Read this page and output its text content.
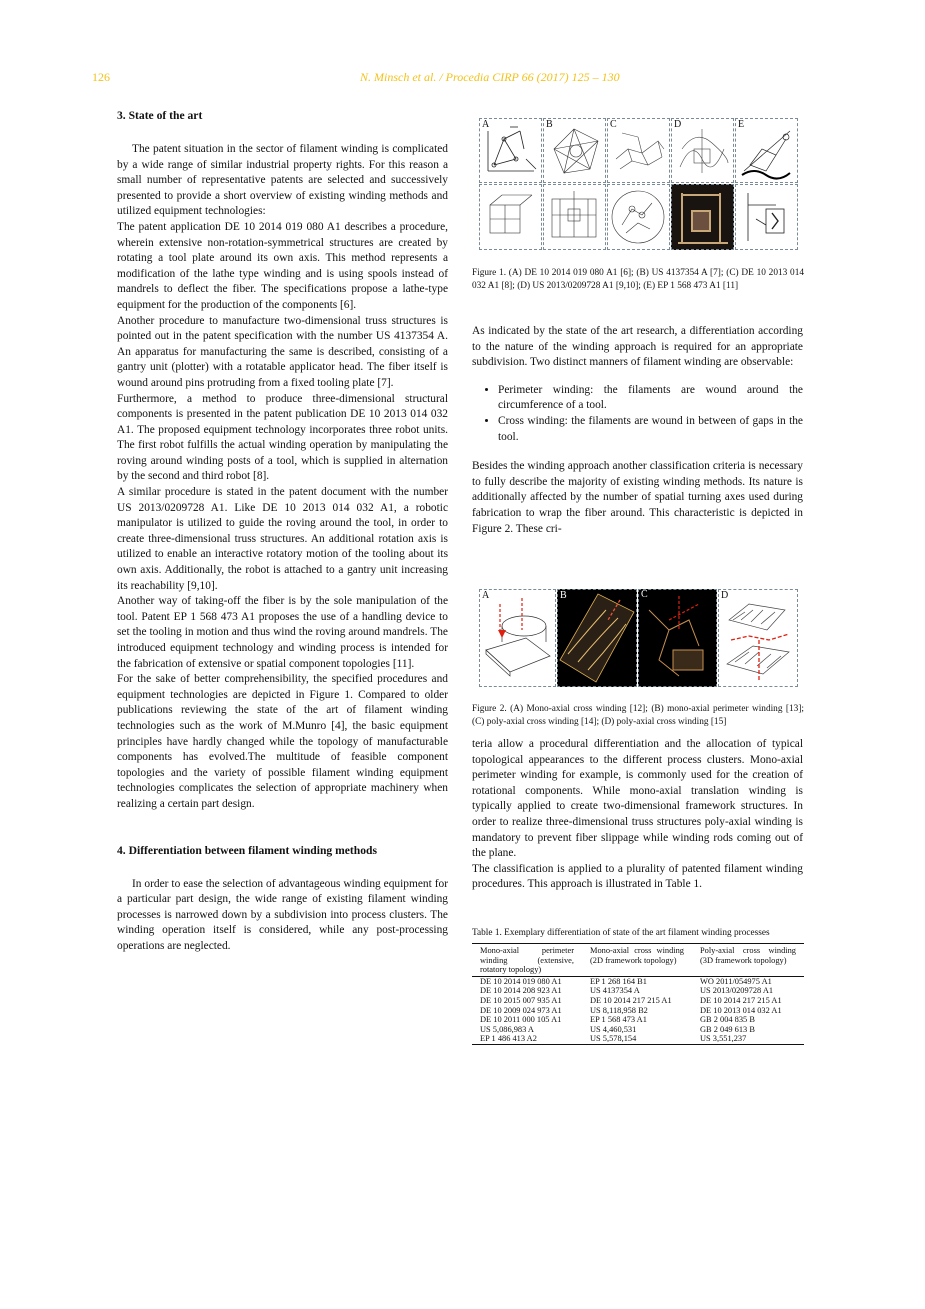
126	N. Minsch et al. / Procedia CIRP 66 (2017) 125 – 130
3. State of the art

The patent situation in the sector of filament winding is complicated by a wide range of similar industrial property rights. For this reason a small number of representative patents are selected and successively presented to provide a short overview of existing winding methods and utilized equipment technologies:

The patent application DE 10 2014 019 080 A1 describes a procedure, wherein extensive non-rotation-symmetrical structures are created by rotating a tool plate around its own axis. This method represents a modification of the lathe type winding and is using spools instead of mandrels to deflect the fiber. The specifications propose a lathe-type equipment for the production of the components [6].

Another procedure to manufacture two-dimensional truss structures is pointed out in the patent specification with the number US 4137354 A. An apparatus for manufacturing the same is described, consisting of a gantry unit (plotter) with a rotatable applicator head. The fiber itself is wound around pins protruding from a fixed tooling plate [7].

Furthermore, a method to produce three-dimensional structural components is presented in the patent publication DE 10 2013 014 032 A1. The proposed equipment technology incorporates three robot units. The first robot fulfills the actual winding operation by manipulating the roving around winding posts of a tool, which is supplied in alternation by the second and third robot [8].

A similar procedure is stated in the patent document with the number US 2013/0209728 A1. Like DE 10 2013 014 032 A1, a robotic manipulator is utilized to guide the roving around the tool, in order to create three-dimensional truss structures. An additional rotation axis is utilized to enable an interactive rotatory motion of the tooling about its own axis. Additionally, the robot is attached to a gantry unit increasing its reachability [9,10].

Another way of taking-off the fiber is by the sole manipulation of the tool. Patent EP 1 568 473 A1 proposes the use of a handling device to set the tooling in motion and thus wind the roving around mandrels. The introduced equipment technology and winding process is intended for the fabrication of extensive or spatial component topologies [11].

For the sake of better comprehensibility, the specified procedures and equipment technologies are depicted in Figure 1. Compared to older publications reviewing the state of the art of filament winding technologies such as the work of M.Munro [4], the basic equipment principles have hardly changed while the topology of manufacturable components has evolved.The multitude of feasible component topologies and the variety of possible filament winding equipment technologies complicates the selection of appropriate machinery when realizing a certain part design.

4. Differentiation between filament winding methods

In order to ease the selection of advantageous winding equipment for a particular part design, the wide range of existing filament winding processes is narrowed down by a subdivision into process clusters. The winding operation itself is considered, while any post-processing operations are neglected.

A	B	C	D	E

Figure 1. (A) DE 10 2014 019 080 A1 [6]; (B) US 4137354 A [7]; (C) DE 10 2013 014 032 A1 [8]; (D) US 2013/0209728 A1 [9,10]; (E) EP 1 568 473 A1 [11]

As indicated by the state of the art research, a differentiation according to the nature of the winding approach is required for an appropriate subdivision. Two distinct manners of filament winding are observable:

• Perimeter winding: the filaments are wound around the circumference of a tool.
• Cross winding: the filaments are wound in between of gaps in the tool.

Besides the winding approach another classification criteria is necessary to fully describe the majority of existing winding methods. Its nature is additionally affected by the number of spatial turning axes used during fabrication to wrap the fiber around. This characteristic is depicted in Figure 2. These cri-

A	B	D
C

Figure 2. (A) Mono-axial cross winding [12]; (B) mono-axial perimeter winding [13]; (C) poly-axial cross winding [14]; (D) poly-axial cross winding [15]

teria allow a procedural differentiation and the allocation of typical topological appearances to the different process clusters. Mono-axial perimeter winding for example, is commonly used for the creation of rotational components. While mono-axial translation winding is typically applied to create two-dimensional framework structures. In order to realize three-dimensional truss structures poly-axial winding is mandatory to prevent fiber slippage while winding rods coming out of the plane.

The classification is applied to a plurality of patented filament winding procedures. This approach is illustrated in Table 1.

Table 1. Exemplary differentiation of state of the art filament winding processes
Mono-axial perimeter winding (extensive, rotatory topology)	Mono-axial cross winding (2D framework topology)	Poly-axial cross winding (3D framework topology)
DE 10 2014 019 080 A1	EP 1 268 164 B1	WO 2011/054975 A1
DE 10 2014 208 923 A1	US 4137354 A	US 2013/0209728 A1
DE 10 2015 007 935 A1	DE 10 2014 217 215 A1	DE 10 2014 217 215 A1
DE 10 2009 024 973 A1	US 8,118,958 B2	DE 10 2013 014 032 A1
DE 10 2011 000 105 A1	EP 1 568 473 A1	GB 2 004 835 B
US 5,086,983 A	US 4,460,531	GB 2 049 613 B
EP 1 486 413 A2	US 5,578,154	US 3,551,237
